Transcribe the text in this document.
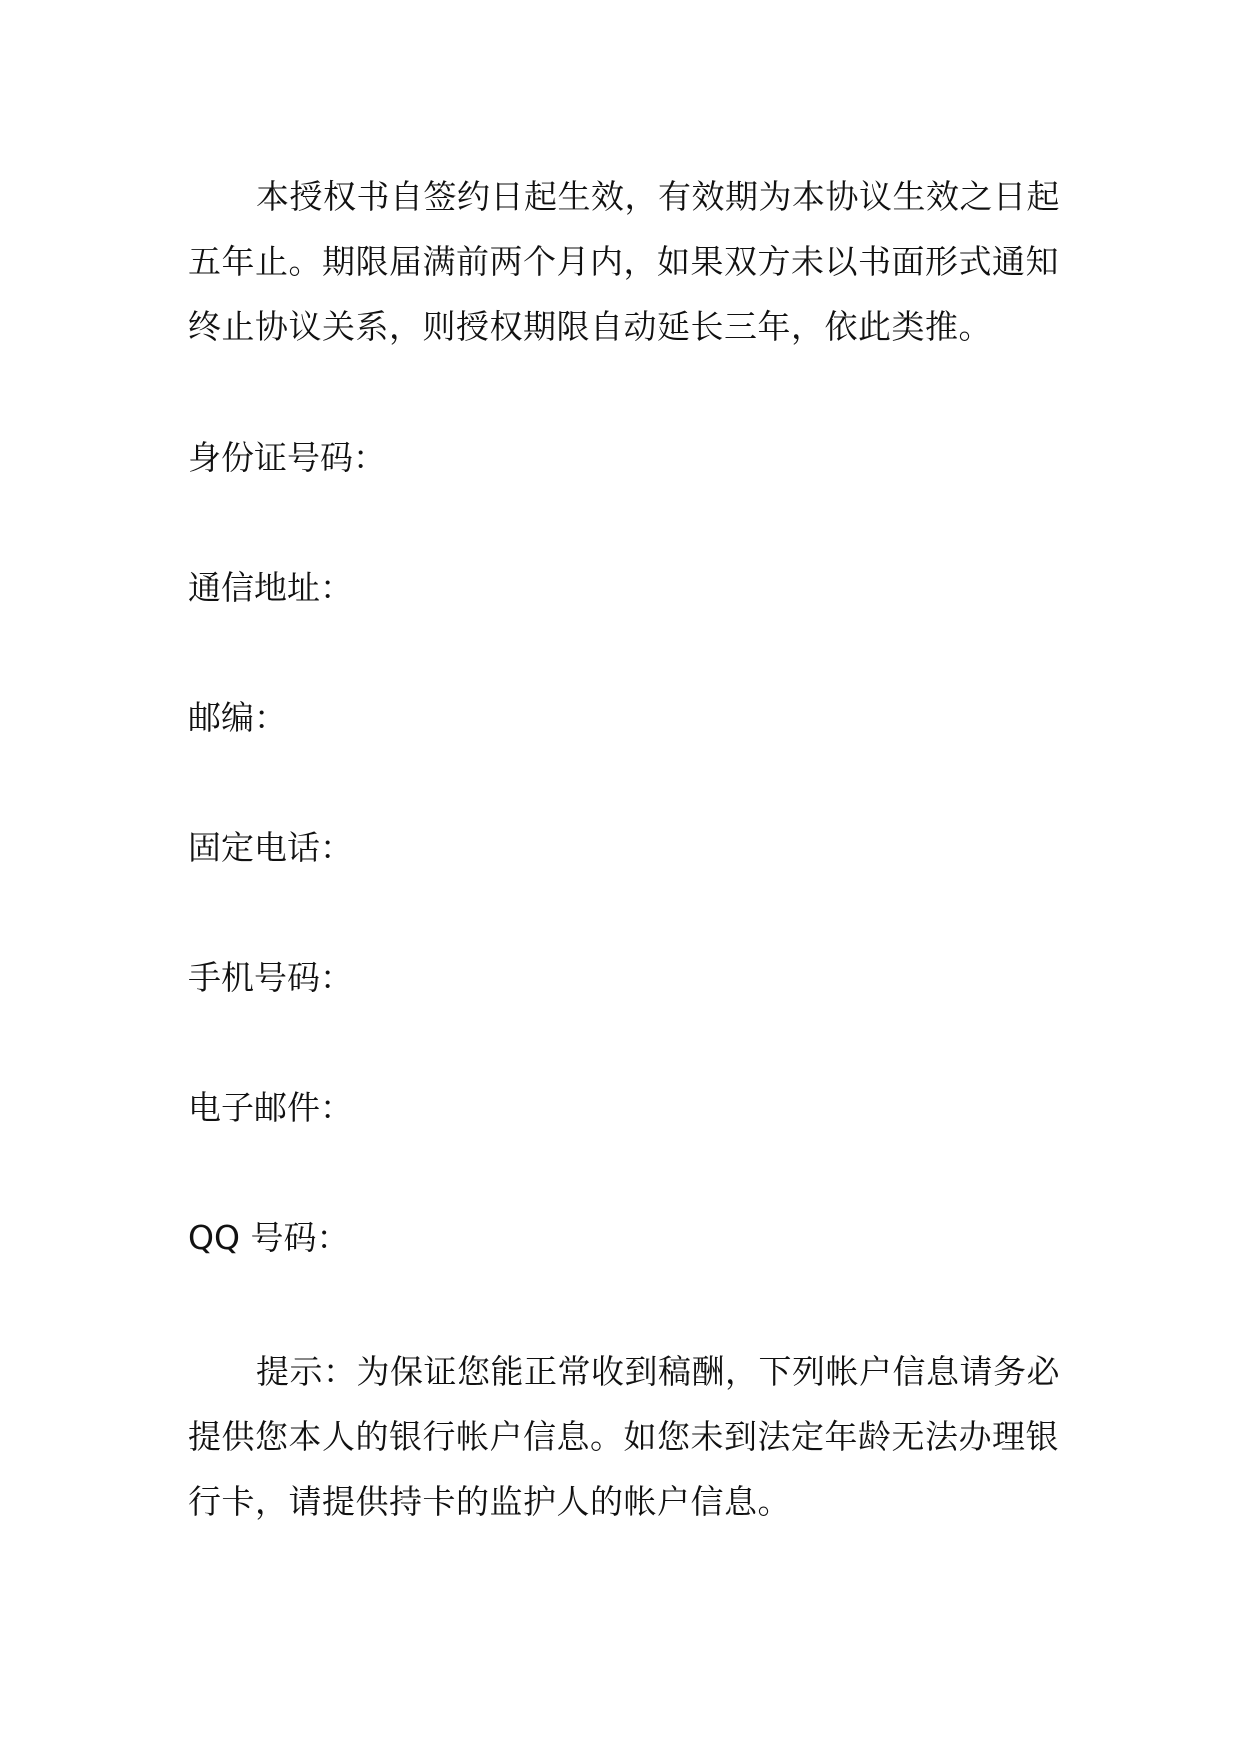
本授权书自签约日起生效，有效期为本协议生效之日起五年止。期限届满前两个月内，如果双方未以书面形式通知终止协议关系，则授权期限自动延长三年，依此类推。

身份证号码：

通信地址：

邮编：

固定电话：

手机号码：

电子邮件：

QQ 号码：

提示：为保证您能正常收到稿酬，下列帐户信息请务必提供您本人的银行帐户信息。如您未到法定年龄无法办理银行卡，请提供持卡的监护人的帐户信息。
